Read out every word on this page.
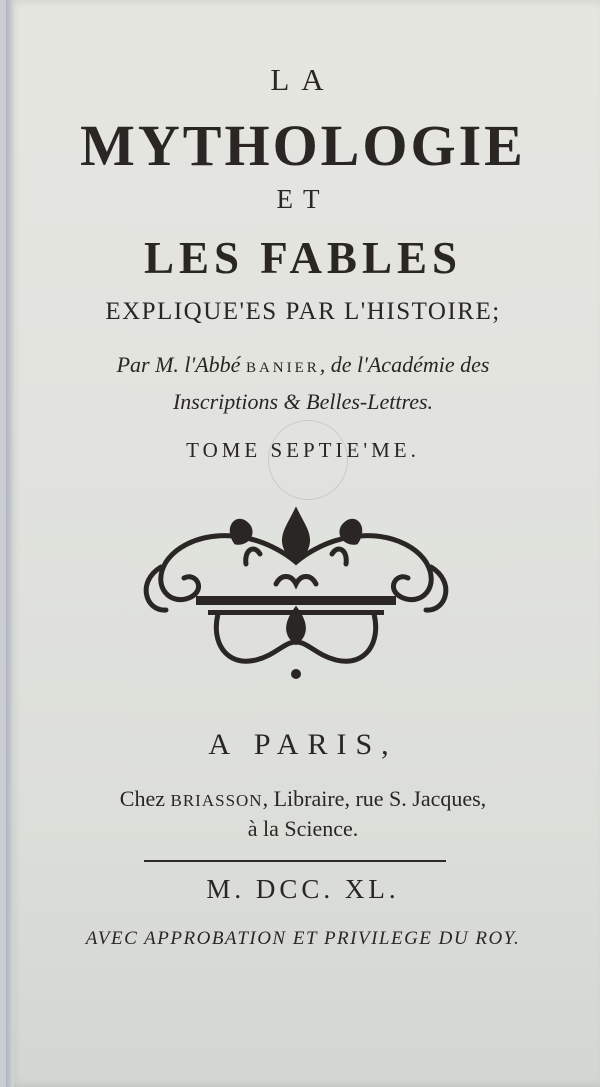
LA
MYTHOLOGIE
ET
LES FABLES
EXPLIQUE'ES PAR L'HISTOIRE;
Par M. l'Abbé BANIER, de l'Académie des
Inscriptions & Belles-Lettres.
TOME SEPTIE'ME.
A PARIS,
Chez BRIASSON, Libraire, rue S. Jacques,
à la Science.
M. DCC. XL.
AVEC APPROBATION ET PRIVILEGE DU ROY.
